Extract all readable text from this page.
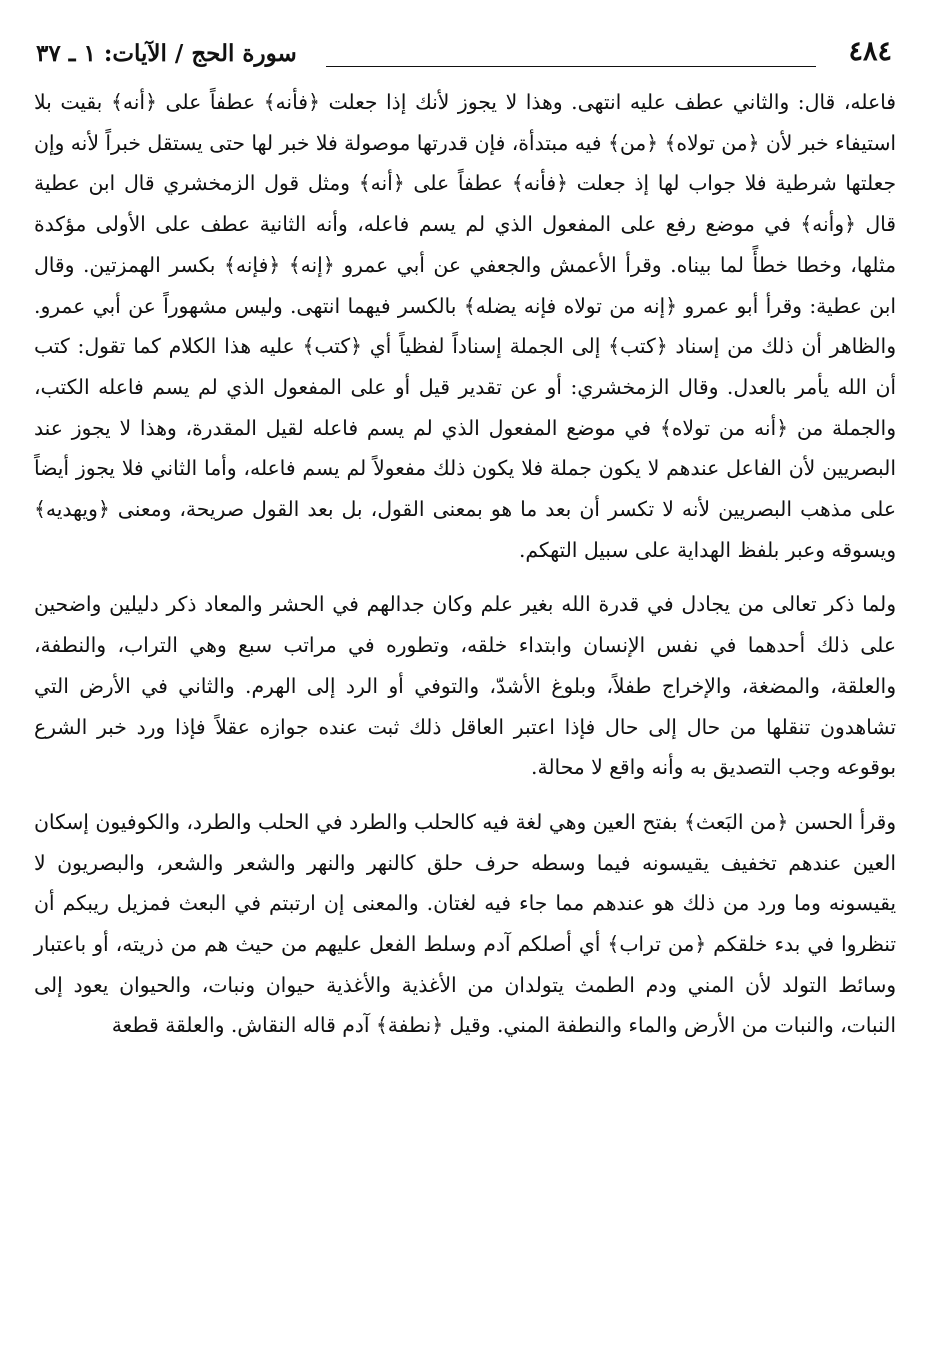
٤٨٤
سورة الحج / الآيات: ١ ـ ٣٧

فاعله، قال: والثاني عطف عليه انتهى. وهذا لا يجوز لأنك إذا جعلت ﴿فأنه﴾ عطفاً على ﴿أنه﴾ بقيت بلا استيفاء خبر لأن ﴿من تولاه﴾ ﴿من﴾ فيه مبتدأة، فإن قدرتها موصولة فلا خبر لها حتى يستقل خبراً لأنه وإن جعلتها شرطية فلا جواب لها إذ جعلت ﴿فأنه﴾ عطفاً على ﴿أنه﴾ ومثل قول الزمخشري قال ابن عطية قال ﴿وأنه﴾ في موضع رفع على المفعول الذي لم يسم فاعله، وأنه الثانية عطف على الأولى مؤكدة مثلها، وخطا خطأً لما بيناه. وقرأ الأعمش والجعفي عن أبي عمرو ﴿إنه﴾ ﴿فإنه﴾ بكسر الهمزتين. وقال ابن عطية: وقرأ أبو عمرو ﴿إنه من تولاه فإنه يضله﴾ بالكسر فيهما انتهى. وليس مشهوراً عن أبي عمرو. والظاهر أن ذلك من إسناد ﴿كتب﴾ إلى الجملة إسناداً لفظياً أي ﴿كتب﴾ عليه هذا الكلام كما تقول: كتب أن الله يأمر بالعدل. وقال الزمخشري: أو عن تقدير قيل أو على المفعول الذي لم يسم فاعله الكتب، والجملة من ﴿أنه من تولاه﴾ في موضع المفعول الذي لم يسم فاعله لقيل المقدرة، وهذا لا يجوز عند البصريين لأن الفاعل عندهم لا يكون جملة فلا يكون ذلك مفعولاً لم يسم فاعله، وأما الثاني فلا يجوز أيضاً على مذهب البصريين لأنه لا تكسر أن بعد ما هو بمعنى القول، بل بعد القول صريحة، ومعنى ﴿ويهديه﴾ ويسوقه وعبر بلفظ الهداية على سبيل التهكم.

ولما ذكر تعالى من يجادل في قدرة الله بغير علم وكان جدالهم في الحشر والمعاد ذكر دليلين واضحين على ذلك أحدهما في نفس الإنسان وابتداء خلقه، وتطوره في مراتب سبع وهي التراب، والنطفة، والعلقة، والمضغة، والإخراج طفلاً، وبلوغ الأشدّ، والتوفي أو الرد إلى الهرم. والثاني في الأرض التي تشاهدون تنقلها من حال إلى حال فإذا اعتبر العاقل ذلك ثبت عنده جوازه عقلاً فإذا ورد خبر الشرع بوقوعه وجب التصديق به وأنه واقع لا محالة.

وقرأ الحسن ﴿من البَعث﴾ بفتح العين وهي لغة فيه كالحلب والطرد في الحلب والطرد، والكوفيون إسكان العين عندهم تخفيف يقيسونه فيما وسطه حرف حلق كالنهر والنهر والشعر والشعر، والبصريون لا يقيسونه وما ورد من ذلك هو عندهم مما جاء فيه لغتان. والمعنى إن ارتبتم في البعث فمزيل ريبكم أن تنظروا في بدء خلقكم ﴿من تراب﴾ أي أصلكم آدم وسلط الفعل عليهم من حيث هم من ذريته، أو باعتبار وسائط التولد لأن المني ودم الطمث يتولدان من الأغذية والأغذية حيوان ونبات، والحيوان يعود إلى النبات، والنبات من الأرض والماء والنطفة المني. وقيل ﴿نطفة﴾ آدم قاله النقاش. والعلقة قطعة
